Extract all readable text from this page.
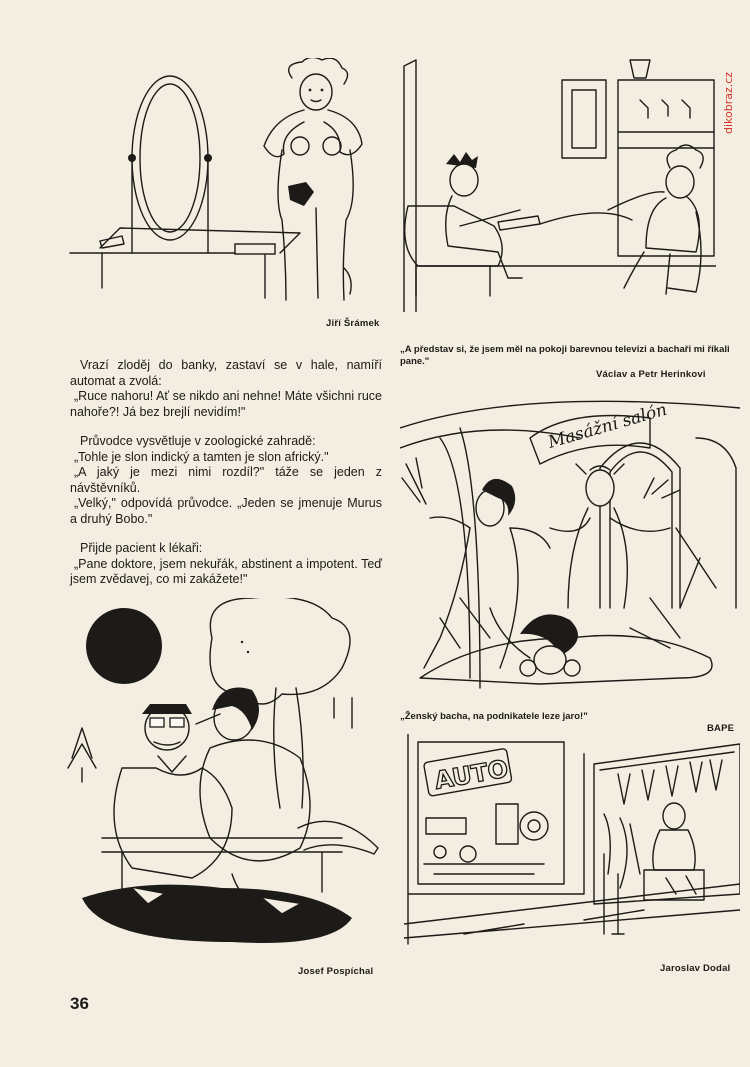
dikobraz.cz
Jiří Šrámek
„A představ si, že jsem měl na pokoji barevnou televizi a bachaři mi říkali pane."
Václav a Petr Herinkovi

Vrazí zloděj do banky, zastaví se v hale, namíří automat a zvolá:

„Ruce nahoru! Ať se nikdo ani nehne! Máte všichni ruce nahoře?! Já bez brejlí nevidím!"

Průvodce vysvětluje v zoologické zahradě:

„Tohle je slon indický a tamten je slon africký."

„A jaký je mezi nimi rozdíl?" táže se jeden z návštěvníků.

„Velký," odpovídá průvodce. „Jeden se jmenuje Murus a druhý Bobo."

Přijde pacient k lékaři:

„Pane doktore, jsem nekuřák, abstinent a impotent. Teď jsem zvědavej, co mi zakážete!"

Masážní salón
„Ženský bacha, na podnikatele leze jaro!"
BAPE
Josef Pospíchal
AUTO
Jaroslav Dodal
36
